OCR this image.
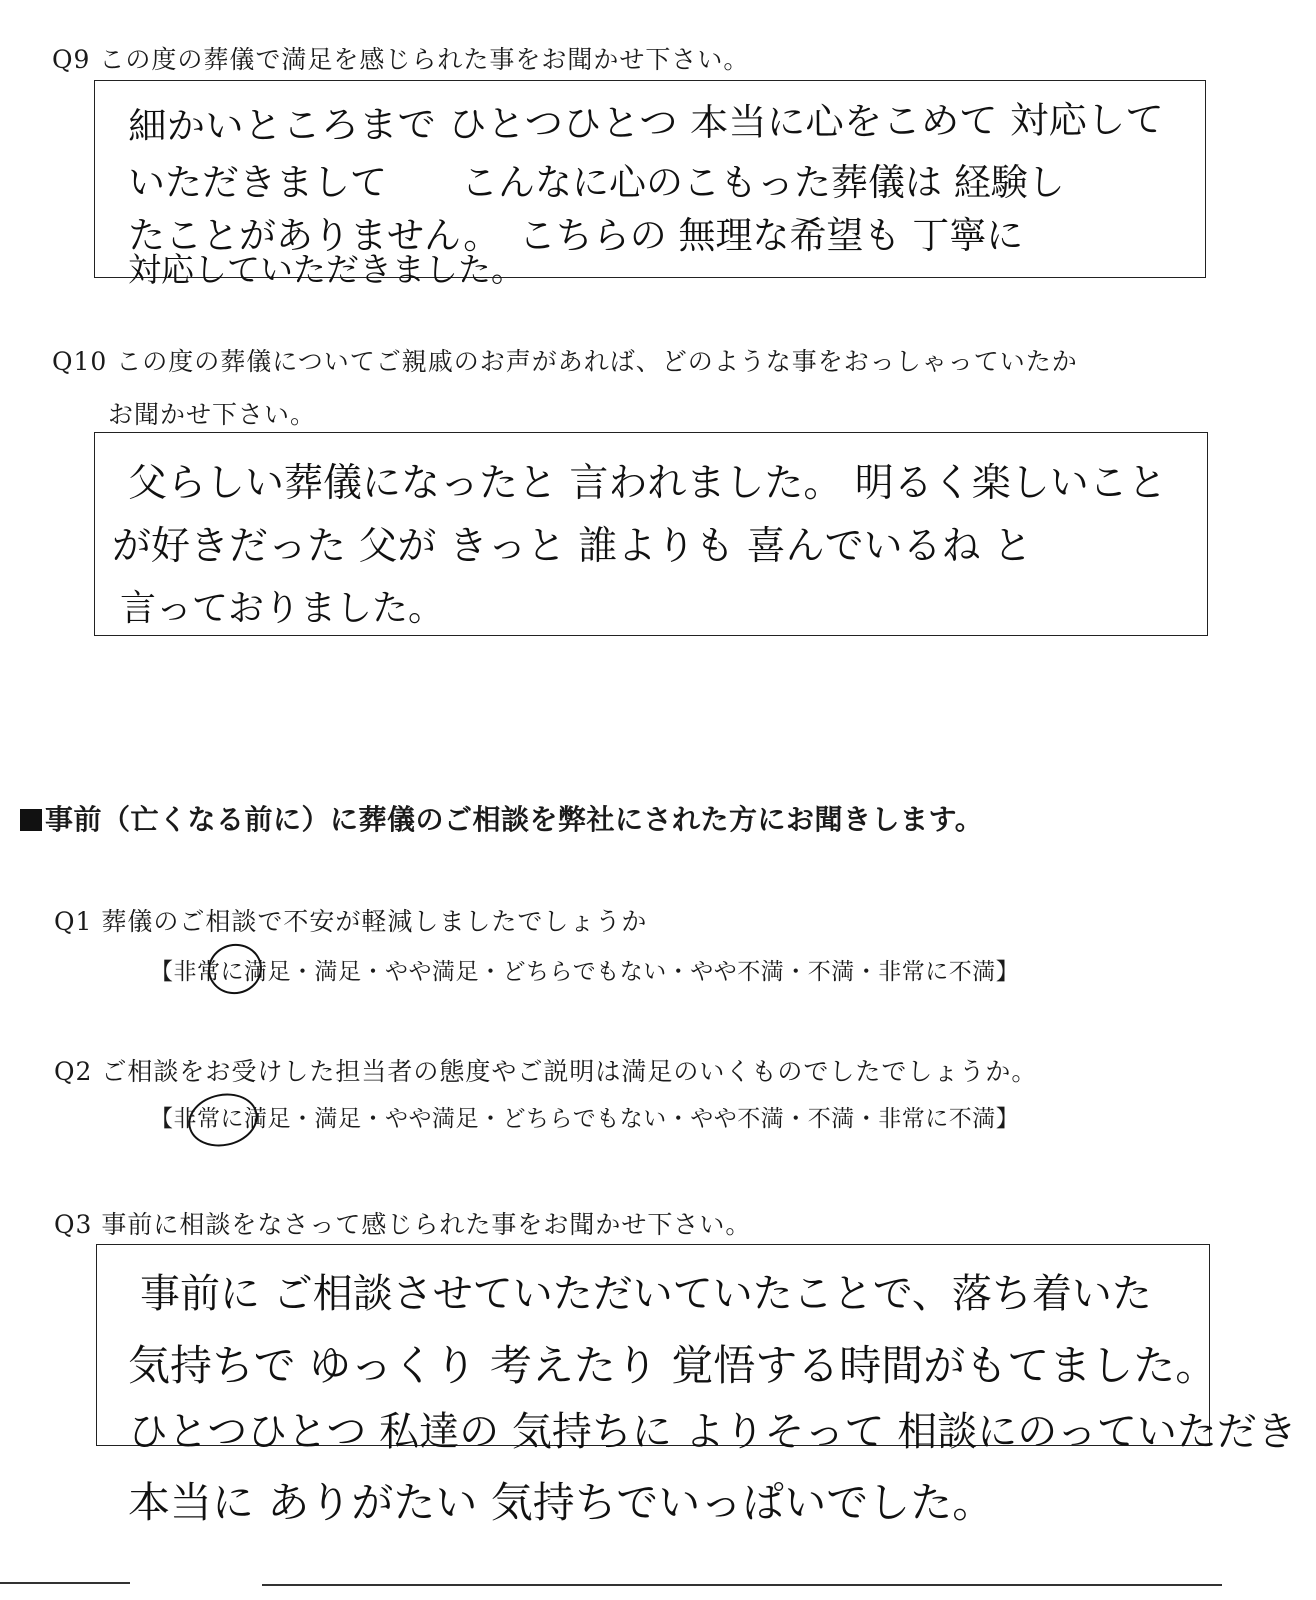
Q9 この度の葬儀で満足を感じられた事をお聞かせ下さい。
細かいところまで ひとつひとつ 本当に心をこめて 対応して
いただきまして　　こんなに心のこもった葬儀は 経験し
たことがありません。　こちらの 無理な希望も 丁寧に
対応していただきました。
Q10 この度の葬儀についてご親戚のお声があれば、どのような事をおっしゃっていたか
お聞かせ下さい。
父らしい葬儀になったと 言われました。 明るく楽しいこと
が好きだった 父が きっと 誰よりも 喜んでいるね と
言っておりました。
事前（亡くなる前に）に葬儀のご相談を弊社にされた方にお聞きします。
Q1 葬儀のご相談で不安が軽減しましたでしょうか
【非常に満足・満足・やや満足・どちらでもない・やや不満・不満・非常に不満】
Q2 ご相談をお受けした担当者の態度やご説明は満足のいくものでしたでしょうか。
【非常に満足・満足・やや満足・どちらでもない・やや不満・不満・非常に不満】
Q3 事前に相談をなさって感じられた事をお聞かせ下さい。
事前に ご相談させていただいていたことで、落ち着いた
気持ちで ゆっくり 考えたり 覚悟する時間がもてました。
ひとつひとつ 私達の 気持ちに よりそって 相談にのっていただき
本当に ありがたい 気持ちでいっぱいでした。
